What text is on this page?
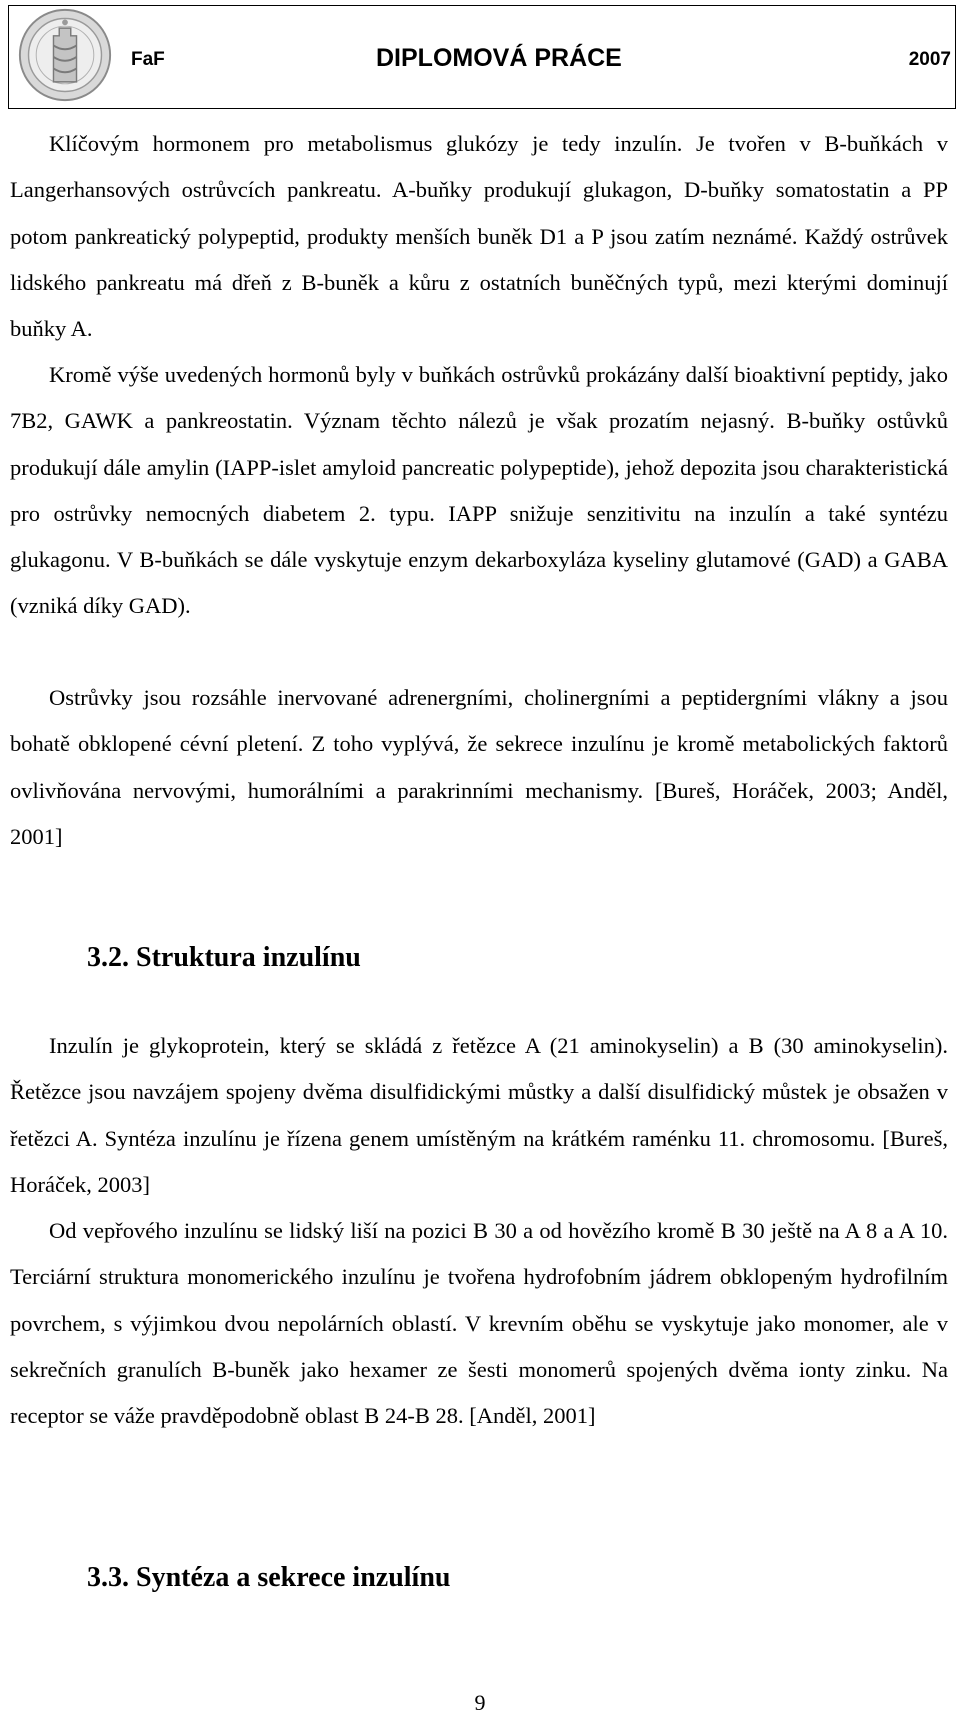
FaF	DIPLOMOVÁ PRÁCE	2007

Klíčovým hormonem pro metabolismus glukózy je tedy inzulín. Je tvořen v B-buňkách v Langerhansových ostrůvcích pankreatu. A-buňky produkují glukagon, D-buňky somatostatin a PP potom pankreatický polypeptid, produkty menších buněk D1 a P jsou zatím neznámé. Každý ostrůvek lidského pankreatu má dřeň z B-buněk a kůru z ostatních buněčných typů, mezi kterými dominují buňky A.

Kromě výše uvedených hormonů byly v buňkách ostrůvků prokázány další bioaktivní peptidy, jako 7B2, GAWK a pankreostatin. Význam těchto nálezů je však prozatím nejasný. B-buňky ostůvků produkují dále amylin (IAPP-islet amyloid pancreatic polypeptide), jehož depozita jsou charakteristická pro ostrůvky nemocných diabetem 2. typu. IAPP snižuje senzitivitu na inzulín a také syntézu glukagonu. V B-buňkách se dále vyskytuje enzym dekarboxyláza kyseliny glutamové (GAD) a GABA (vzniká díky GAD).

Ostrůvky jsou rozsáhle inervované adrenergními, cholinergními a peptidergními vlákny a jsou bohatě obklopené cévní pletení. Z toho vyplývá, že sekrece inzulínu je kromě metabolických faktorů ovlivňována nervovými, humorálními a parakrinními mechanismy. [Bureš, Horáček, 2003; Anděl, 2001]

3.2. Struktura inzulínu

Inzulín je glykoprotein, který se skládá z řetězce A (21 aminokyselin) a B (30 aminokyselin). Řetězce jsou navzájem spojeny dvěma disulfidickými můstky a další disulfidický můstek je obsažen v řetězci A. Syntéza inzulínu je řízena genem umístěným na krátkém raménku 11. chromosomu. [Bureš, Horáček, 2003]

Od vepřového inzulínu se lidský liší na pozici B 30 a od hovězího kromě B 30 ještě na A 8 a A 10. Terciární struktura monomerického inzulínu je tvořena hydrofobním jádrem obklopeným hydrofilním povrchem, s výjimkou dvou nepolárních oblastí. V krevním oběhu se vyskytuje jako monomer, ale v sekrečních granulích B-buněk jako hexamer ze šesti monomerů spojených dvěma ionty zinku. Na receptor se váže pravděpodobně oblast B 24-B 28. [Anděl, 2001]

3.3. Syntéza a sekrece inzulínu
9
